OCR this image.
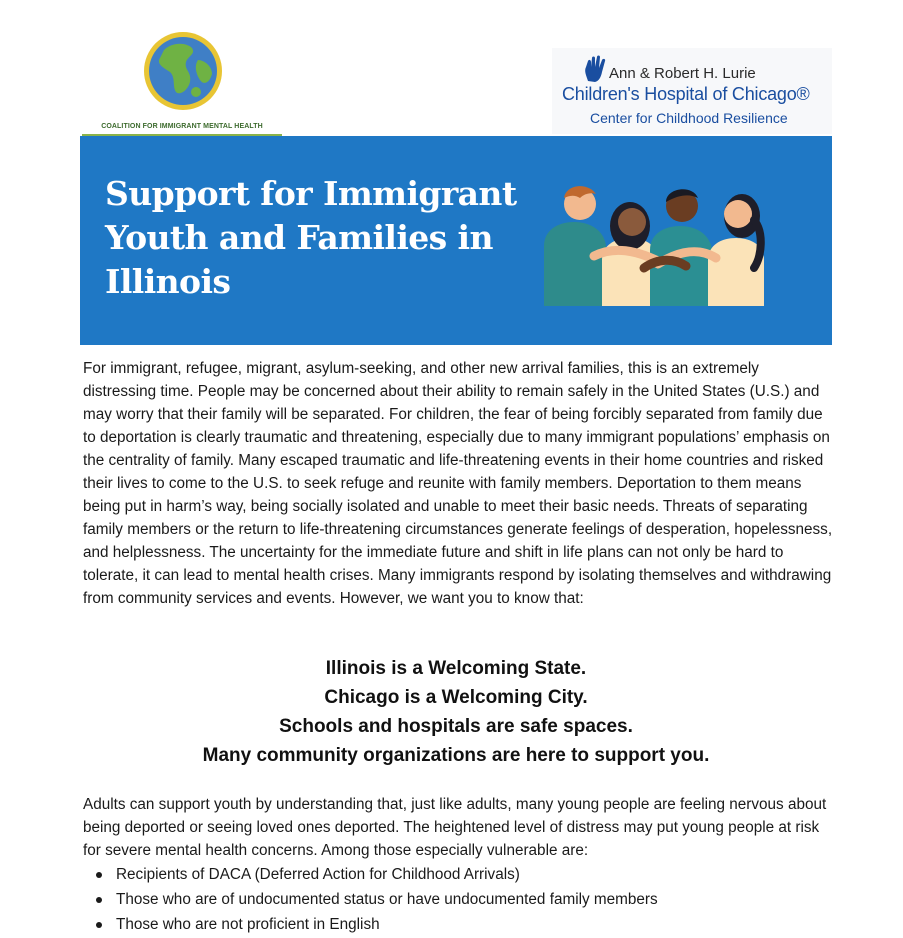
COALITION FOR IMMIGRANT MENTAL HEALTH
Ann & Robert H. Lurie
Children's Hospital of Chicago®
Center for Childhood Resilience
Support for Immigrant Youth and Families in Illinois

For immigrant, refugee, migrant, asylum-seeking, and other new arrival families, this is an extremely distressing time. People may be concerned about their ability to remain safely in the United States (U.S.) and may worry that their family will be separated. For children, the fear of being forcibly separated from family due to deportation is clearly traumatic and threatening, especially due to many immigrant populations’ emphasis on the centrality of family. Many escaped traumatic and life-threatening events in their home countries and risked their lives to come to the U.S. to seek refuge and reunite with family members. Deportation to them means being put in harm’s way, being socially isolated and unable to meet their basic needs. Threats of separating family members or the return to life-threatening circumstances generate feelings of desperation, hopelessness, and helplessness. The uncertainty for the immediate future and shift in life plans can not only be hard to tolerate, it can lead to mental health crises. Many immigrants respond by isolating themselves and withdrawing from community services and events. However, we want you to know that:

Illinois is a Welcoming State.
Chicago is a Welcoming City.
Schools and hospitals are safe spaces.
Many community organizations are here to support you.

Adults can support youth by understanding that, just like adults, many young people are feeling nervous about being deported or seeing loved ones deported. The heightened level of distress may put young people at risk for severe mental health concerns. Among those especially vulnerable are:

Recipients of DACA (Deferred Action for Childhood Arrivals)
Those who are of undocumented status or have undocumented family members
Those who are not proficient in English
